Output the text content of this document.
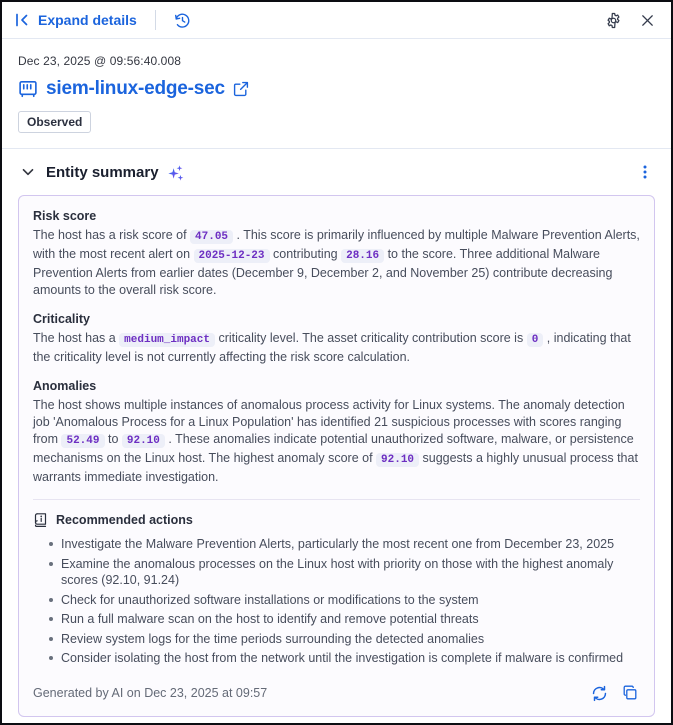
Expand details
Dec 23, 2025 @ 09:56:40.008
siem-linux-edge-sec
Observed
Entity summary
Risk score

The host has a risk score of 47.05 . This score is primarily influenced by multiple Malware Prevention Alerts, with the most recent alert on 2025-12-23 contributing 28.16 to the score. Three additional Malware Prevention Alerts from earlier dates (December 9, December 2, and November 25) contribute decreasing amounts to the overall risk score.

Criticality

The host has a medium_impact criticality level. The asset criticality contribution score is 0 , indicating that the criticality level is not currently affecting the risk score calculation.

Anomalies

The host shows multiple instances of anomalous process activity for Linux systems. The anomaly detection job 'Anomalous Process for a Linux Population' has identified 21 suspicious processes with scores ranging from 52.49 to 92.10 . These anomalies indicate potential unauthorized software, malware, or persistence mechanisms on the Linux host. The highest anomaly score of 92.10 suggests a highly unusual process that warrants immediate investigation.

Recommended actions
Investigate the Malware Prevention Alerts, particularly the most recent one from December 23, 2025
Examine the anomalous processes on the Linux host with priority on those with the highest anomaly scores (92.10, 91.24)
Check for unauthorized software installations or modifications to the system
Run a full malware scan on the host to identify and remove potential threats
Review system logs for the time periods surrounding the detected anomalies
Consider isolating the host from the network until the investigation is complete if malware is confirmed
Generated by AI on Dec 23, 2025 at 09:57
